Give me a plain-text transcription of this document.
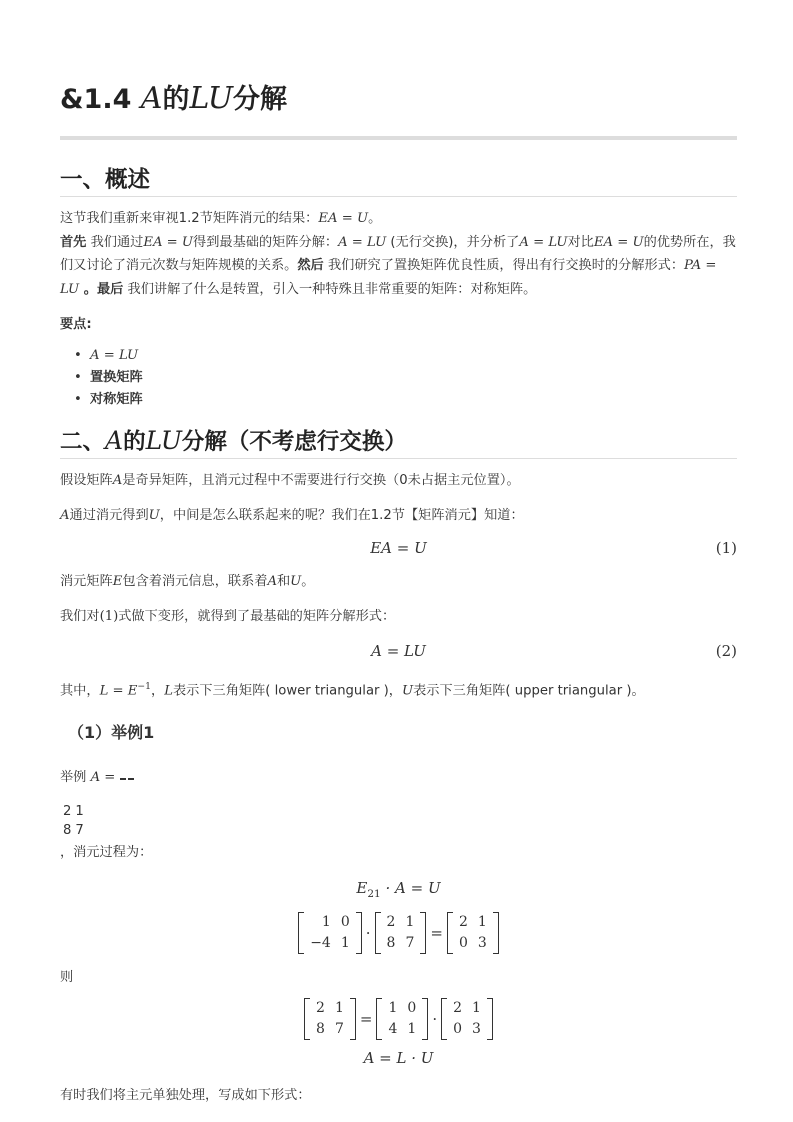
&1.4 A的LU分解
一、概述

这节我们重新来审视1.2节矩阵消元的结果：EA = U。

首先 我们通过EA = U得到最基础的矩阵分解：A = LU (无行交换)，并分析了A = LU对比EA = U的优势所在，我们又讨论了消元次数与矩阵规模的关系。然后 我们研究了置换矩阵优良性质，得出有行交换时的分解形式：PA = LU 。最后 我们讲解了什么是转置，引入一种特殊且非常重要的矩阵：对称矩阵。

要点:

• A = LU
• 置换矩阵
• 对称矩阵
二、A的LU分解（不考虑行交换）

假设矩阵A是奇异矩阵，且消元过程中不需要进行行交换（0未占据主元位置）。

A通过消元得到U，中间是怎么联系起来的呢？我们在1.2节【矩阵消元】知道：

EA = U	(1)

消元矩阵E包含着消元信息，联系着A和U。

我们对(1)式做下变形，就得到了最基础的矩阵分解形式：

A = LU	(2)

其中，$L = E^{-1}$，L表示下三角矩阵( lower triangular )，U表示下三角矩阵( upper triangular )。

（1）举例1

举例 A =

2	1
8	7
，消元过程为：

$E_{21} \cdot A = U$
1	0
−4	1
·
2	1
8	7
=
2	1
0	3

则

2	1
8	7
=
1	0
4	1
·
2	1
0	3
A = L · U

有时我们将主元单独处理，写成如下形式：
